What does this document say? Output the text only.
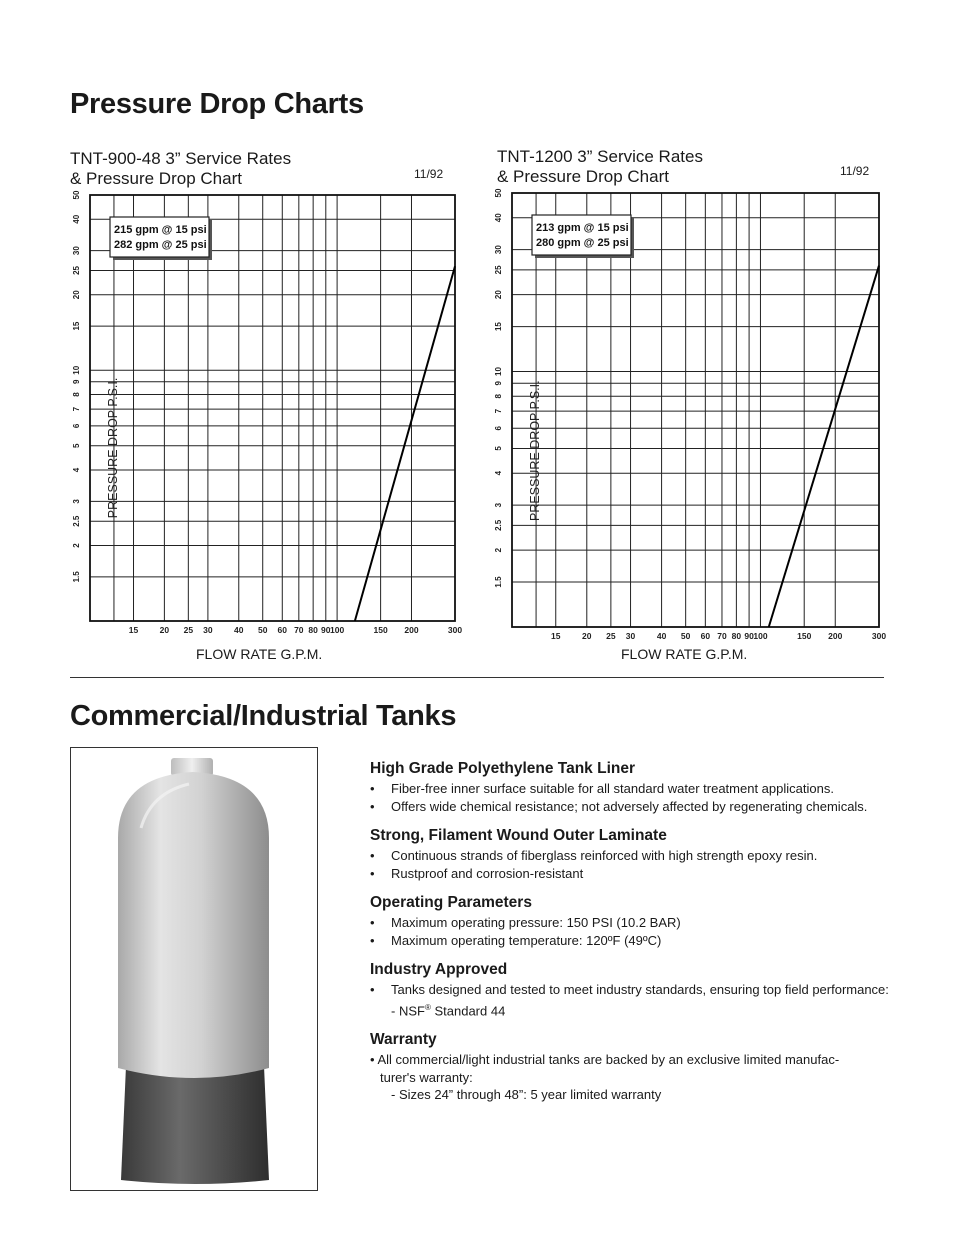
Pressure Drop Charts
TNT-900-48 3” Service Rates
& Pressure Drop Chart	11/92
15	20 25 30	40 50 60 70 80 90 100	150 200	300
1.5
2
2.5
3
4
5
6
7
8
9
10
15
20
25
30
40
50
PRESSURE DROP P.S.I.
215 gpm @ 15 psi
282 gpm @ 25 psi
FLOW RATE G.P.M.
TNT-1200 3” Service Rates
& Pressure Drop Chart	11/92
15	20 25 30	40 50 60 70 80 90 100	150 200	300
1.5
2
2.5
3
4
5
6
7
8
9
10
15
20
25
30
40
50
PRESSURE DROP P.S.I.
213 gpm @ 15 psi
280 gpm @ 25 psi
FLOW RATE G.P.M.
Commercial/Industrial Tanks
High Grade Polyethylene Tank Liner
• Fiber-free inner surface suitable for all standard water treatment applications.
• Offers wide chemical resistance; not adversely affected by regenerating chemicals.
Strong, Filament Wound Outer Laminate
• Continuous strands of fiberglass reinforced with high strength epoxy resin.
• Rustproof and corrosion-resistant
Operating Parameters
• Maximum operating pressure: 150 PSI (10.2 BAR)
• Maximum operating temperature: 120ºF (49ºC)
Industry Approved
• Tanks designed and tested to meet industry standards, ensuring top field performance:
- NSF® Standard 44
Warranty
• All commercial/light industrial tanks are backed by an exclusive limited manufac-
turer's warranty:
- Sizes 24” through 48”: 5 year limited warranty
